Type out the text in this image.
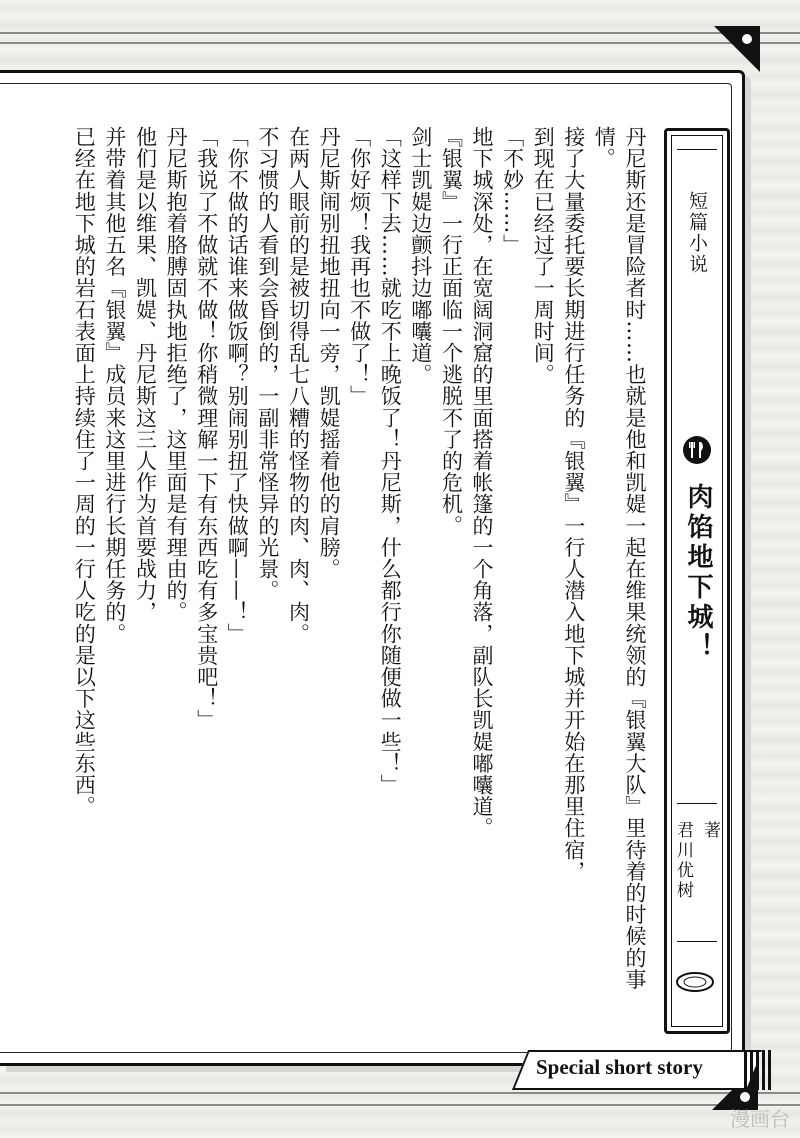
短篇小说
肉馅地下城！
著
君川优树

丹尼斯还是冒险者时……也就是他和凯媞一起在维果统领的『银翼大队』里待着的时候的事情。

接了大量委托要长期进行任务的『银翼』一行人潜入地下城并开始在那里住宿，

到现在已经过了一周时间。

「不妙……」

地下城深处，在宽阔洞窟的里面搭着帐篷的一个角落，副队长凯媞嘟囔道。

『银翼』一行正面临一个逃脱不了的危机。

剑士凯媞边颤抖边嘟囔道。

「这样下去……就吃不上晚饭了！丹尼斯，什么都行你随便做一些！」

「你好烦！我再也不做了！」

丹尼斯闹别扭地扭向一旁，凯媞摇着他的肩膀。

在两人眼前的是被切得乱七八糟的怪物的肉、肉、肉。

不习惯的人看到会昏倒的，一副非常怪异的光景。

「你不做的话谁来做饭啊？别闹别扭了快做啊——！」

「我说了不做就不做！你稍微理解一下有东西吃有多宝贵吧！」

丹尼斯抱着胳膊固执地拒绝了，这里面是有理由的。

他们是以维果、凯媞、丹尼斯这三人作为首要战力，

并带着其他五名『银翼』成员来这里进行长期任务的。

已经在地下城的岩石表面上持续住了一周的一行人吃的是以下这些东西。

Special short story
漫画台
